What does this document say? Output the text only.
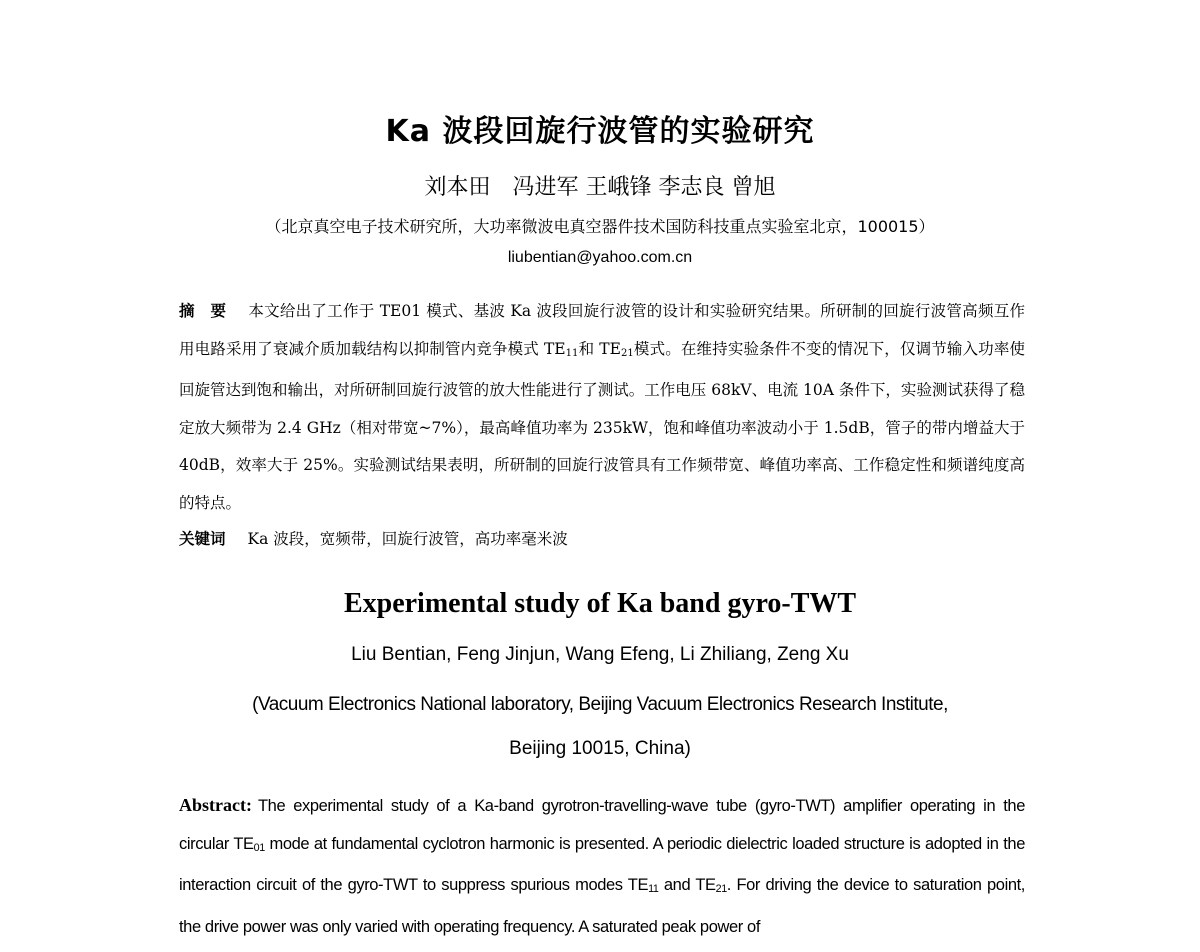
Ka 波段回旋行波管的实验研究
刘本田　冯进军 王峨锋 李志良 曾旭
（北京真空电子技术研究所，大功率微波电真空器件技术国防科技重点实验室北京，100015）
liubentian@yahoo.com.cn
摘　要 本文给出了工作于 TE01 模式、基波 Ka 波段回旋行波管的设计和实验研究结果。所研制的回旋行波管高频互作用电路采用了衰减介质加载结构以抑制管内竞争模式 $TE_{11}$和 $TE_{21}$模式。在维持实验条件不变的情况下，仅调节输入功率使回旋管达到饱和输出，对所研制回旋行波管的放大性能进行了测试。工作电压 68kV、电流 10A 条件下，实验测试获得了稳定放大频带为 2.4 GHz（相对带宽~7%），最高峰值功率为 235kW，饱和峰值功率波动小于 1.5dB，管子的带内增益大于 40dB，效率大于 25%。实验测试结果表明，所研制的回旋行波管具有工作频带宽、峰值功率高、工作稳定性和频谱纯度高的特点。
关键词 Ka 波段，宽频带，回旋行波管，高功率毫米波
Experimental study of Ka band gyro-TWT
Liu Bentian, Feng Jinjun, Wang Efeng, Li Zhiliang, Zeng Xu
(Vacuum Electronics National laboratory, Beijing Vacuum Electronics Research Institute,
Beijing 10015, China)
Abstract: The experimental study of a Ka-band gyrotron-travelling-wave tube (gyro-TWT) amplifier operating in the circular $TE_{01}$ mode at fundamental cyclotron harmonic is presented. A periodic dielectric loaded structure is adopted in the interaction circuit of the gyro-TWT to suppress spurious modes $TE_{11}$ and $TE_{21}$. For driving the device to saturation point, the drive power was only varied with operating frequency. A saturated peak power of
